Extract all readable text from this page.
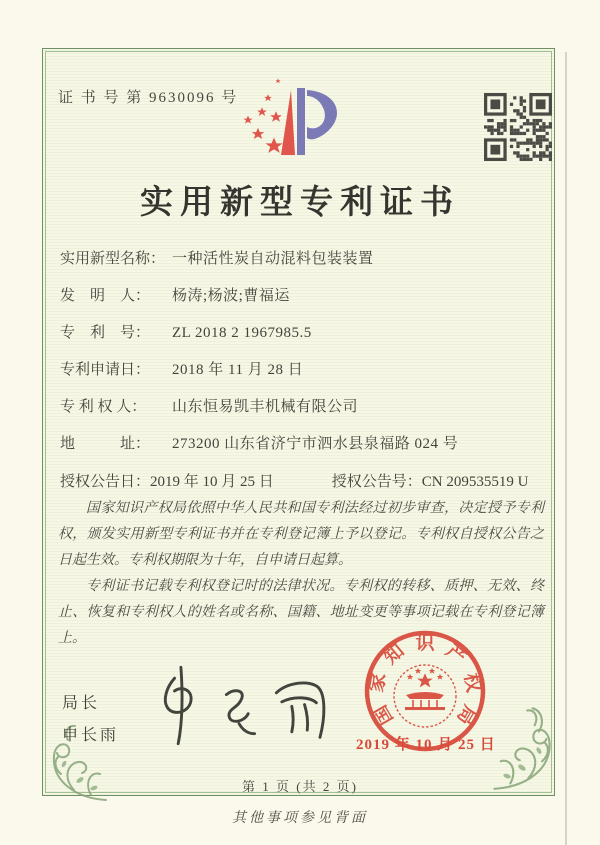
证 书 号 第 9630096 号
实用新型专利证书
实用新型名称： 一种活性炭自动混料包装装置
发　明　人：	杨涛;杨波;曹福运
专　利　号：	ZL 2018 2 1967985.5
专利申请日：	2018 年 11 月 28 日
专 利 权 人：	山东恒易凯丰机械有限公司
地　　　址：	273200 山东省济宁市泗水县泉福路 024 号
授权公告日：2019 年 10 月 25 日	授权公告号：CN 209535519 U

国家知识产权局依照中华人民共和国专利法经过初步审查，决定授予专利权，颁发实用新型专利证书并在专利登记簿上予以登记。专利权自授权公告之日起生效。专利权期限为十年，自申请日起算。

专利证书记载专利权登记时的法律状况。专利权的转移、质押、无效、终止、恢复和专利权人的姓名或名称、国籍、地址变更等事项记载在专利登记簿上。

局长
申长雨
国
家
知 识 产
权
局
2019 年 10 月 25 日
第 1 页 (共 2 页)
其他事项参见背面
